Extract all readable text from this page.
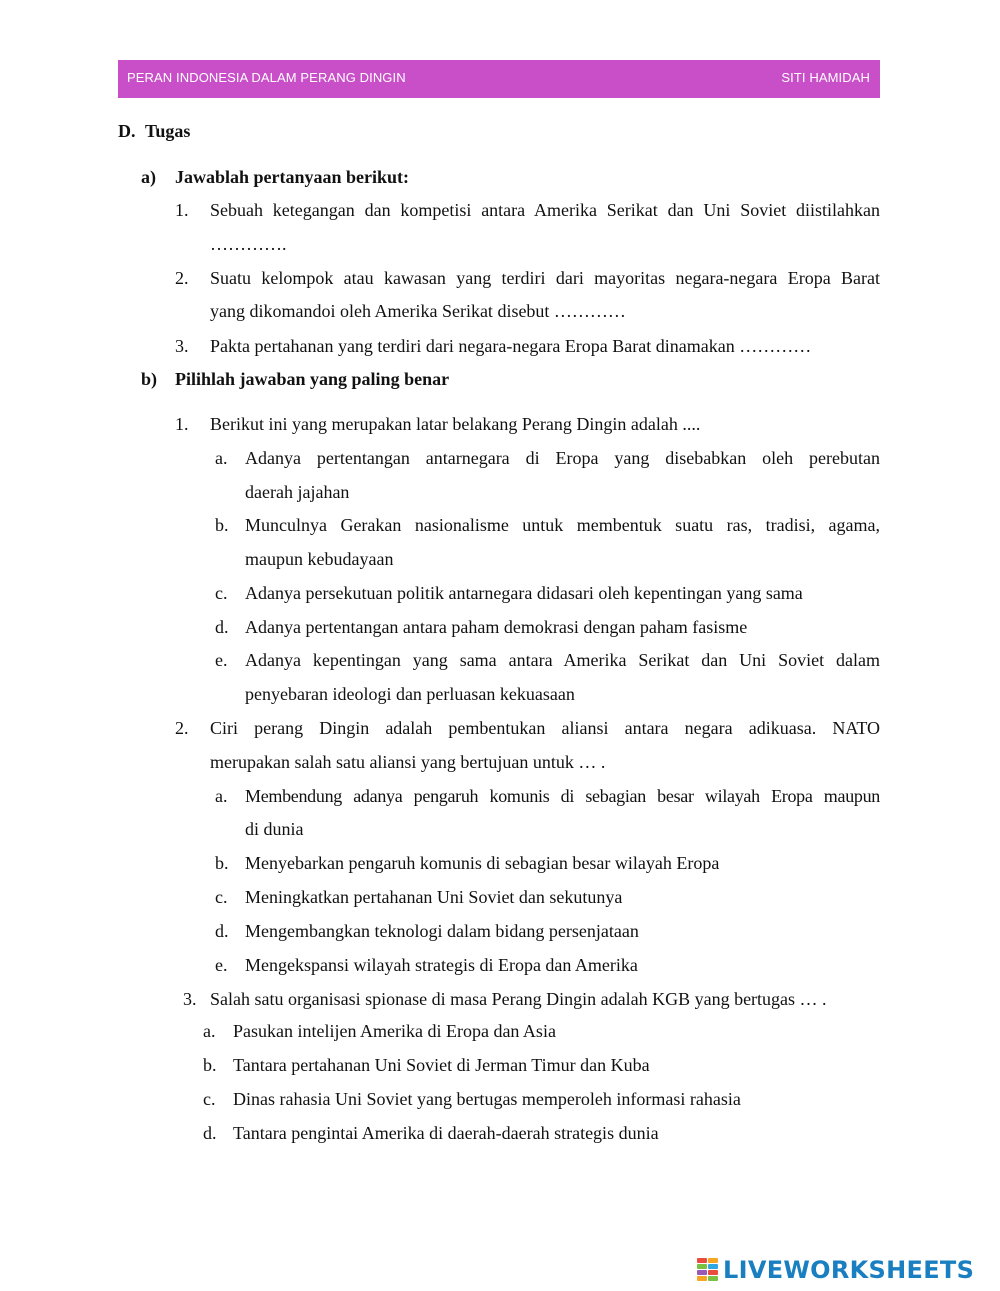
PERAN INDONESIA DALAM PERANG DINGIN	SITI HAMIDAH
D. Tugas
a) Jawablah pertanyaan berikut:
1. Sebuah ketegangan dan kompetisi antara Amerika Serikat dan Uni Soviet diistilahkan
………….
2. Suatu kelompok atau kawasan yang terdiri dari mayoritas negara-negara Eropa Barat
yang dikomandoi oleh Amerika Serikat disebut …………
3. Pakta pertahanan yang terdiri dari negara-negara Eropa Barat dinamakan …………
b) Pilihlah jawaban yang paling benar
1. Berikut ini yang merupakan latar belakang Perang Dingin adalah ....
a. Adanya pertentangan antarnegara di Eropa yang disebabkan oleh perebutan
daerah jajahan
b. Munculnya Gerakan nasionalisme untuk membentuk suatu ras, tradisi, agama,
maupun kebudayaan
c. Adanya persekutuan politik antarnegara didasari oleh kepentingan yang sama
d. Adanya pertentangan antara paham demokrasi dengan paham fasisme
e. Adanya kepentingan yang sama antara Amerika Serikat dan Uni Soviet dalam
penyebaran ideologi dan perluasan kekuasaan
2. Ciri perang Dingin adalah pembentukan aliansi antara negara adikuasa. NATO
merupakan salah satu aliansi yang bertujuan untuk … .
a. Membendung adanya pengaruh komunis di sebagian besar wilayah Eropa maupun
di dunia
b. Menyebarkan pengaruh komunis di sebagian besar wilayah Eropa
c. Meningkatkan pertahanan Uni Soviet dan sekutunya
d. Mengembangkan teknologi dalam bidang persenjataan
e. Mengekspansi wilayah strategis di Eropa dan Amerika
3. Salah satu organisasi spionase di masa Perang Dingin adalah KGB yang bertugas … .
a. Pasukan intelijen Amerika di Eropa dan Asia
b. Tantara pertahanan Uni Soviet di Jerman Timur dan Kuba
c. Dinas rahasia Uni Soviet yang bertugas memperoleh informasi rahasia
d. Tantara pengintai Amerika di daerah-daerah strategis dunia
LIVEWORKSHEETS
